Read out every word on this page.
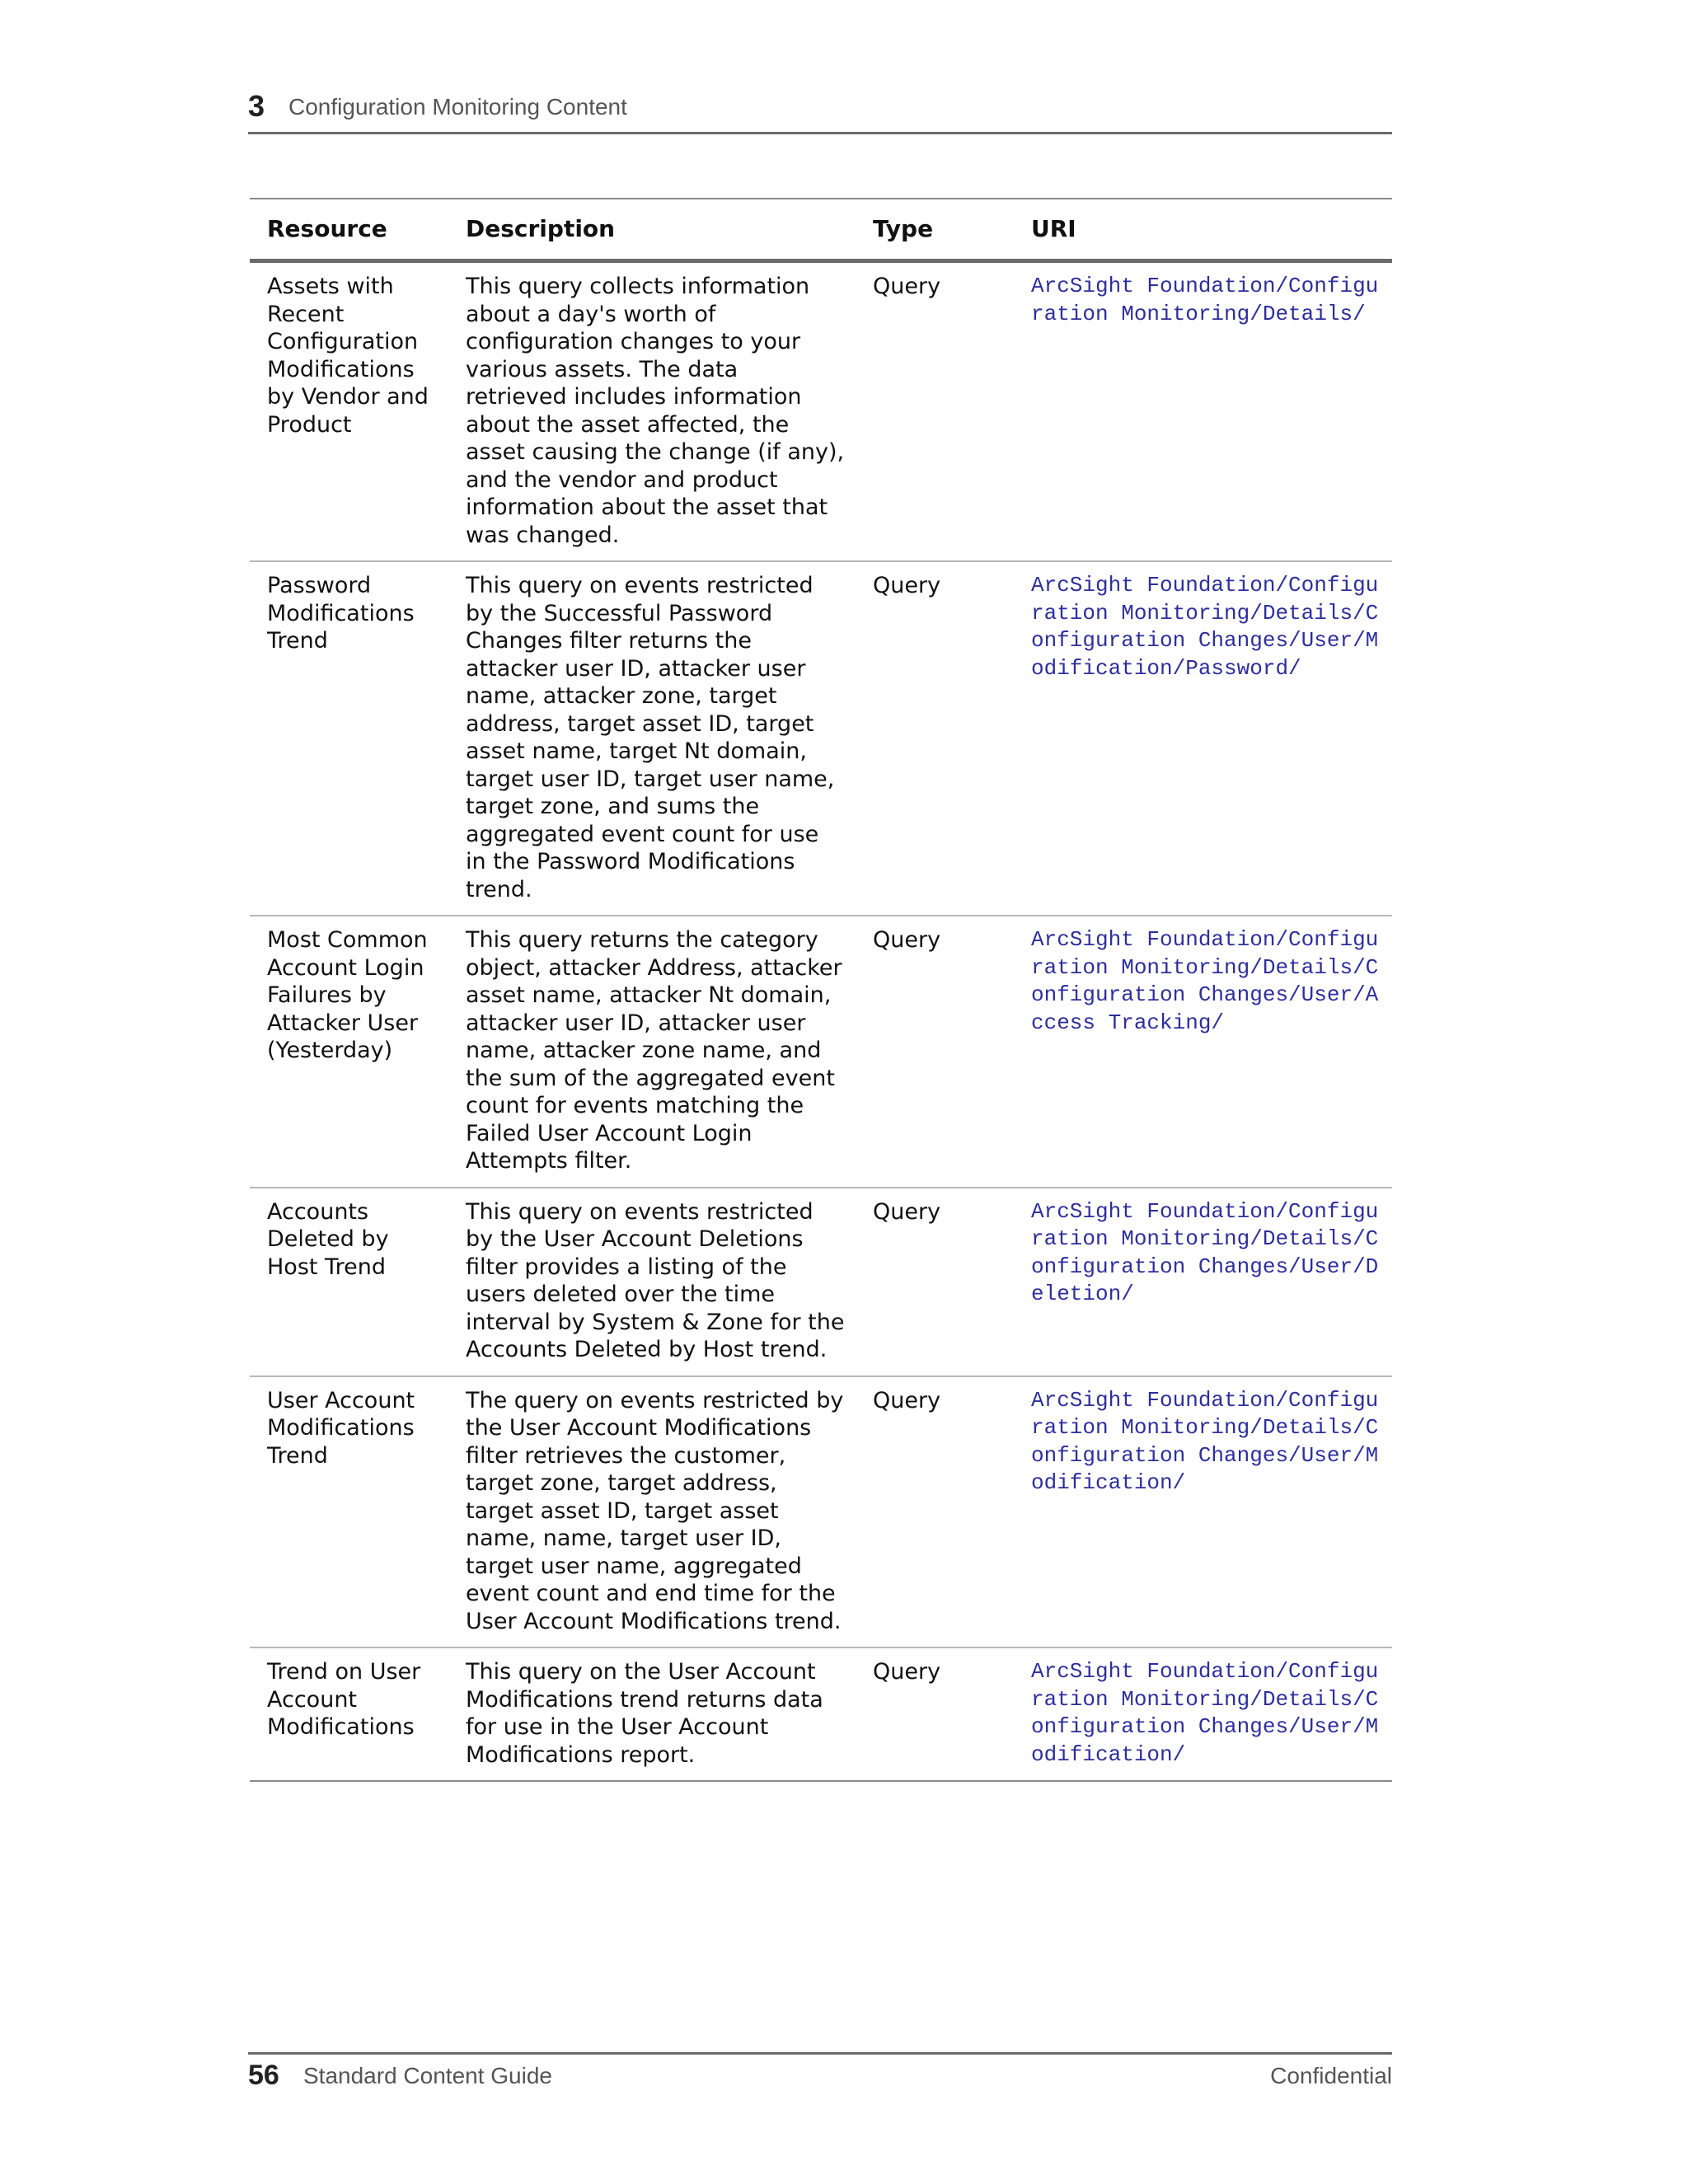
3 Configuration Monitoring Content
Resource	Description	Type	URI
Assets with Recent Configuration Modifications by Vendor and Product	This query collects information about a day's worth of configuration changes to your various assets. The data retrieved includes information about the asset affected, the asset causing the change (if any), and the vendor and product information about the asset that was changed.	Query	ArcSight Foundation/Configuration Monitoring/Details/
Password Modifications Trend	This query on events restricted by the Successful Password Changes filter returns the attacker user ID, attacker user name, attacker zone, target address, target asset ID, target asset name, target Nt domain, target user ID, target user name, target zone, and sums the aggregated event count for use in the Password Modifications trend.	Query	ArcSight Foundation/Configuration Monitoring/Details/Configuration Changes/User/Modification/Password/
Most Common Account Login Failures by Attacker User (Yesterday)	This query returns the category object, attacker Address, attacker asset name, attacker Nt domain, attacker user ID, attacker user name, attacker zone name, and the sum of the aggregated event count for events matching the Failed User Account Login Attempts filter.	Query	ArcSight Foundation/Configuration Monitoring/Details/Configuration Changes/User/Access Tracking/
Accounts Deleted by Host Trend	This query on events restricted by the User Account Deletions filter provides a listing of the users deleted over the time interval by System & Zone for the Accounts Deleted by Host trend.	Query	ArcSight Foundation/Configuration Monitoring/Details/Configuration Changes/User/Deletion/
User Account Modifications Trend	The query on events restricted by the User Account Modifications filter retrieves the customer, target zone, target address, target asset ID, target asset name, name, target user ID, target user name, aggregated event count and end time for the User Account Modifications trend.	Query	ArcSight Foundation/Configuration Monitoring/Details/Configuration Changes/User/Modification/
Trend on User Account Modifications	This query on the User Account Modifications trend returns data for use in the User Account Modifications report.	Query	ArcSight Foundation/Configuration Monitoring/Details/Configuration Changes/User/Modification/
56 Standard Content Guide	Confidential
